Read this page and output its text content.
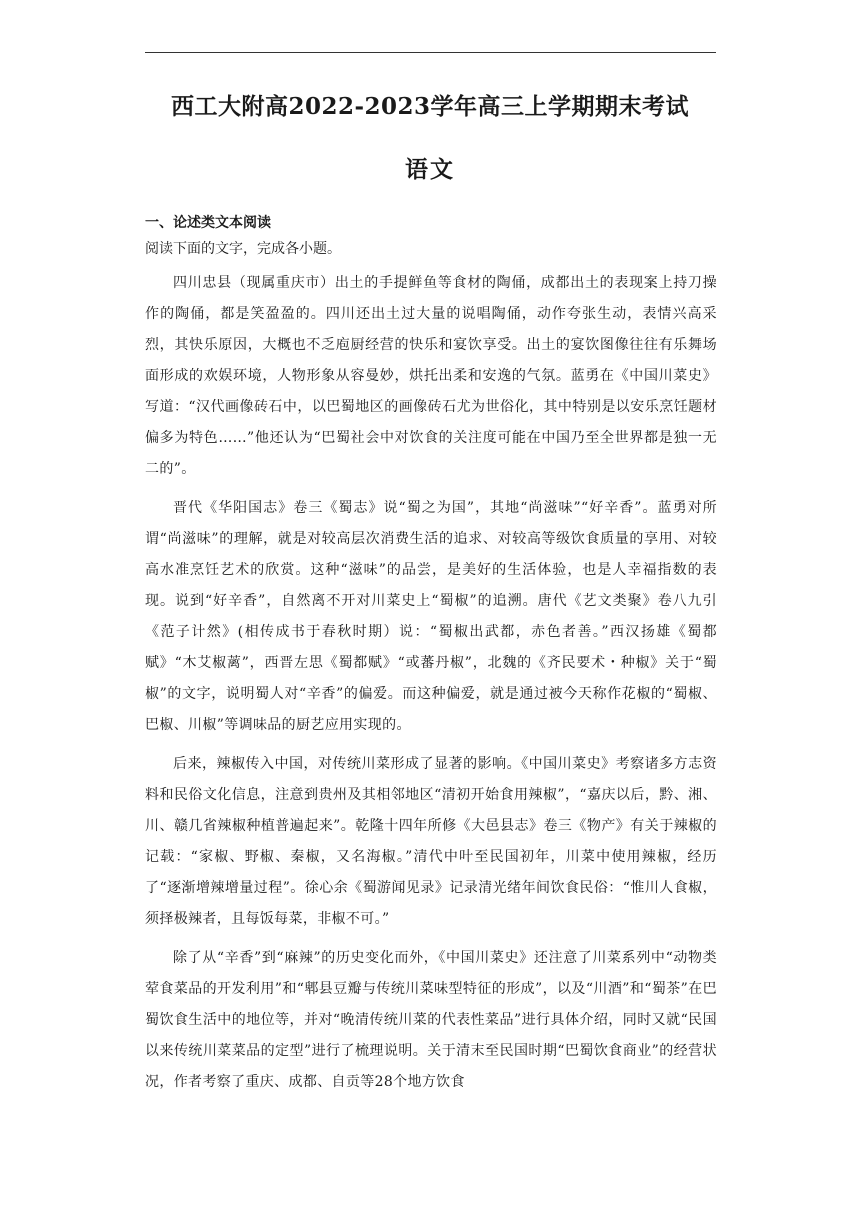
西工大附高2022-2023学年高三上学期期末考试
语文

一、论述类文本阅读

阅读下面的文字，完成各小题。

四川忠县（现属重庆市）出土的手提鲜鱼等食材的陶俑，成都出土的表现案上持刀操作的陶俑，都是笑盈盈的。四川还出土过大量的说唱陶俑，动作夸张生动，表情兴高采烈，其快乐原因，大概也不乏庖厨经营的快乐和宴饮享受。出土的宴饮图像往往有乐舞场面形成的欢娱环境，人物形象从容曼妙，烘托出柔和安逸的气氛。蓝勇在《中国川菜史》写道：“汉代画像砖石中，以巴蜀地区的画像砖石尤为世俗化，其中特别是以安乐烹饪题材偏多为特色……”他还认为“巴蜀社会中对饮食的关注度可能在中国乃至全世界都是独一无二的”。

晋代《华阳国志》卷三《蜀志》说“蜀之为国”，其地“尚滋味”“好辛香”。蓝勇对所谓“尚滋味”的理解，就是对较高层次消费生活的追求、对较高等级饮食质量的享用、对较高水准烹饪艺术的欣赏。这种“滋味”的品尝，是美好的生活体验，也是人幸福指数的表现。说到“好辛香”，自然离不开对川菜史上“蜀椒”的追溯。唐代《艺文类聚》卷八九引《范子计然》(相传成书于春秋时期）说：“蜀椒出武都，赤色者善。”西汉扬雄《蜀都赋》“木艾椒蓠”，西晋左思《蜀都赋》“或蕃丹椒”，北魏的《齐民要术・种椒》关于“蜀椒”的文字，说明蜀人对“辛香”的偏爱。而这种偏爱，就是通过被今天称作花椒的“蜀椒、巴椒、川椒”等调味品的厨艺应用实现的。

后来，辣椒传入中国，对传统川菜形成了显著的影响。《中国川菜史》考察诸多方志资料和民俗文化信息，注意到贵州及其相邻地区“清初开始食用辣椒”，“嘉庆以后，黔、湘、川、赣几省辣椒种植普遍起来”。乾隆十四年所修《大邑县志》卷三《物产》有关于辣椒的记载：“家椒、野椒、秦椒，又名海椒。”清代中叶至民国初年，川菜中使用辣椒，经历了“逐渐增辣增量过程”。徐心余《蜀游闻见录》记录清光绪年间饮食民俗：“惟川人食椒，须择极辣者，且每饭每菜，非椒不可。”

除了从“辛香”到“麻辣”的历史变化而外，《中国川菜史》还注意了川菜系列中“动物类荤食菜品的开发利用”和“郫县豆瓣与传统川菜味型特征的形成”，以及“川酒”和“蜀茶”在巴蜀饮食生活中的地位等，并对“晚清传统川菜的代表性菜品”进行具体介绍，同时又就“民国以来传统川菜菜品的定型”进行了梳理说明。关于清末至民国时期“巴蜀饮食商业”的经营状况，作者考察了重庆、成都、自贡等28个地方饮食
